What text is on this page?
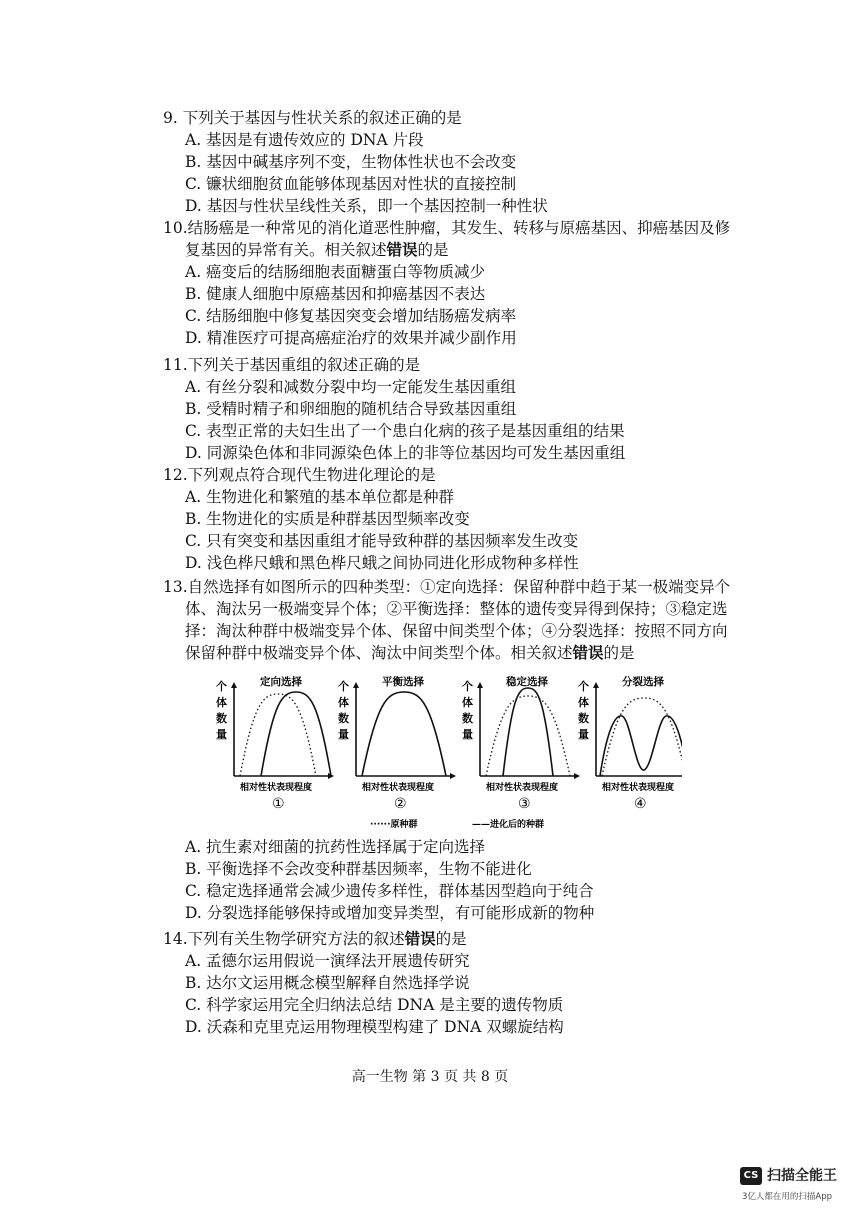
9. 下列关于基因与性状关系的叙述正确的是

A. 基因是有遗传效应的 DNA 片段

B. 基因中碱基序列不变，生物体性状也不会改变

C. 镰状细胞贫血能够体现基因对性状的直接控制

D. 基因与性状呈线性关系，即一个基因控制一种性状

10.结肠癌是一种常见的消化道恶性肿瘤，其发生、转移与原癌基因、抑癌基因及修

复基因的异常有关。相关叙述错误的是

A. 癌变后的结肠细胞表面糖蛋白等物质减少

B. 健康人细胞中原癌基因和抑癌基因不表达

C. 结肠细胞中修复基因突变会增加结肠癌发病率

D. 精准医疗可提高癌症治疗的效果并减少副作用

11.下列关于基因重组的叙述正确的是

A. 有丝分裂和减数分裂中均一定能发生基因重组

B. 受精时精子和卵细胞的随机结合导致基因重组

C. 表型正常的夫妇生出了一个患白化病的孩子是基因重组的结果

D. 同源染色体和非同源染色体上的非等位基因均可发生基因重组

12.下列观点符合现代生物进化理论的是

A. 生物进化和繁殖的基本单位都是种群

B. 生物进化的实质是种群基因型频率改变

C. 只有突变和基因重组才能导致种群的基因频率发生改变

D. 浅色桦尺蛾和黑色桦尺蛾之间协同进化形成物种多样性

13.自然选择有如图所示的四种类型：①定向选择：保留种群中趋于某一极端变异个

体、淘汰另一极端变异个体；②平衡选择：整体的遗传变异得到保持；③稳定选

择：淘汰种群中极端变异个体、保留中间类型个体；④分裂选择：按照不同方向

保留种群中极端变异个体、淘汰中间类型个体。相关叙述错误的是

个
体
数
量
定向选择
相对性状表现程度
①
个
体
数
量
平衡选择
相对性状表现程度
②
个
体
数
量
稳定选择
相对性状表现程度
③
个
体
数
量
分裂选择
相对性状表现程度
④
······原种群	——进化后的种群

A. 抗生素对细菌的抗药性选择属于定向选择

B. 平衡选择不会改变种群基因频率，生物不能进化

C. 稳定选择通常会减少遗传多样性，群体基因型趋向于纯合

D. 分裂选择能够保持或增加变异类型，有可能形成新的物种

14.下列有关生物学研究方法的叙述错误的是

A. 孟德尔运用假说一演绎法开展遗传研究

B. 达尔文运用概念模型解释自然选择学说

C. 科学家运用完全归纳法总结 DNA 是主要的遗传物质

D. 沃森和克里克运用物理模型构建了 DNA 双螺旋结构

高一生物 第 3 页 共 8 页
CS 扫描全能王
3亿人都在用的扫描App
